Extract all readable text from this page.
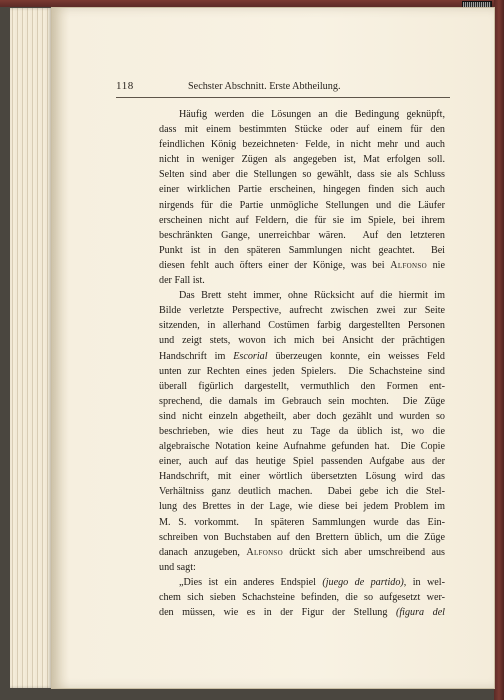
118	Sechster Abschnitt. Erste Abtheilung.
Häufig werden die Lösungen an die Bedingung geknüpft,
dass mit einem bestimmten Stücke oder auf einem für den
feindlichen König bezeichneten· Felde, in nicht mehr und auch
nicht in weniger Zügen als angegeben ist, Mat erfolgen soll.
Selten sind aber die Stellungen so gewählt, dass sie als Schluss
einer wirklichen Partie erscheinen, hingegen finden sich auch
nirgends für die Partie unmögliche Stellungen und die Läufer
erscheinen nicht auf Feldern, die für sie im Spiele, bei ihrem
beschränkten Gange, unerreichbar wären.  Auf den letzteren
Punkt ist in den späteren Sammlungen nicht geachtet.  Bei
diesen fehlt auch öfters einer der Könige, was bei Alfonso nie
der Fall ist.
Das Brett steht immer, ohne Rücksicht auf die hiermit im
Bilde verletzte Perspective, aufrecht zwischen zwei zur Seite
sitzenden, in allerhand Costümen farbig dargestellten Personen
und zeigt stets, wovon ich mich bei Ansicht der prächtigen
Handschrift im Escorial überzeugen konnte, ein weisses Feld
unten zur Rechten eines jeden Spielers.  Die Schachsteine sind
überall figürlich dargestellt, vermuthlich den Formen ent-
sprechend, die damals im Gebrauch sein mochten.  Die Züge
sind nicht einzeln abgetheilt, aber doch gezählt und wurden so
beschrieben, wie dies heut zu Tage da üblich ist, wo die
algebraische Notation keine Aufnahme gefunden hat.  Die Copie
einer, auch auf das heutige Spiel passenden Aufgabe aus der
Handschrift, mit einer wörtlich übersetzten Lösung wird das
Verhältniss ganz deutlich machen.  Dabei gebe ich die Stel-
lung des Brettes in der Lage, wie diese bei jedem Problem im
M. S. vorkommt.  In späteren Sammlungen wurde das Ein-
schreiben von Buchstaben auf den Brettern üblich, um die Züge
danach anzugeben, Alfonso drückt sich aber umschreibend aus
und sagt:
„Dies ist ein anderes Endspiel (juego de partido), in wel-
chem sich sieben Schachsteine befinden, die so aufgesetzt wer-
den müssen, wie es in der Figur der Stellung (figura del
